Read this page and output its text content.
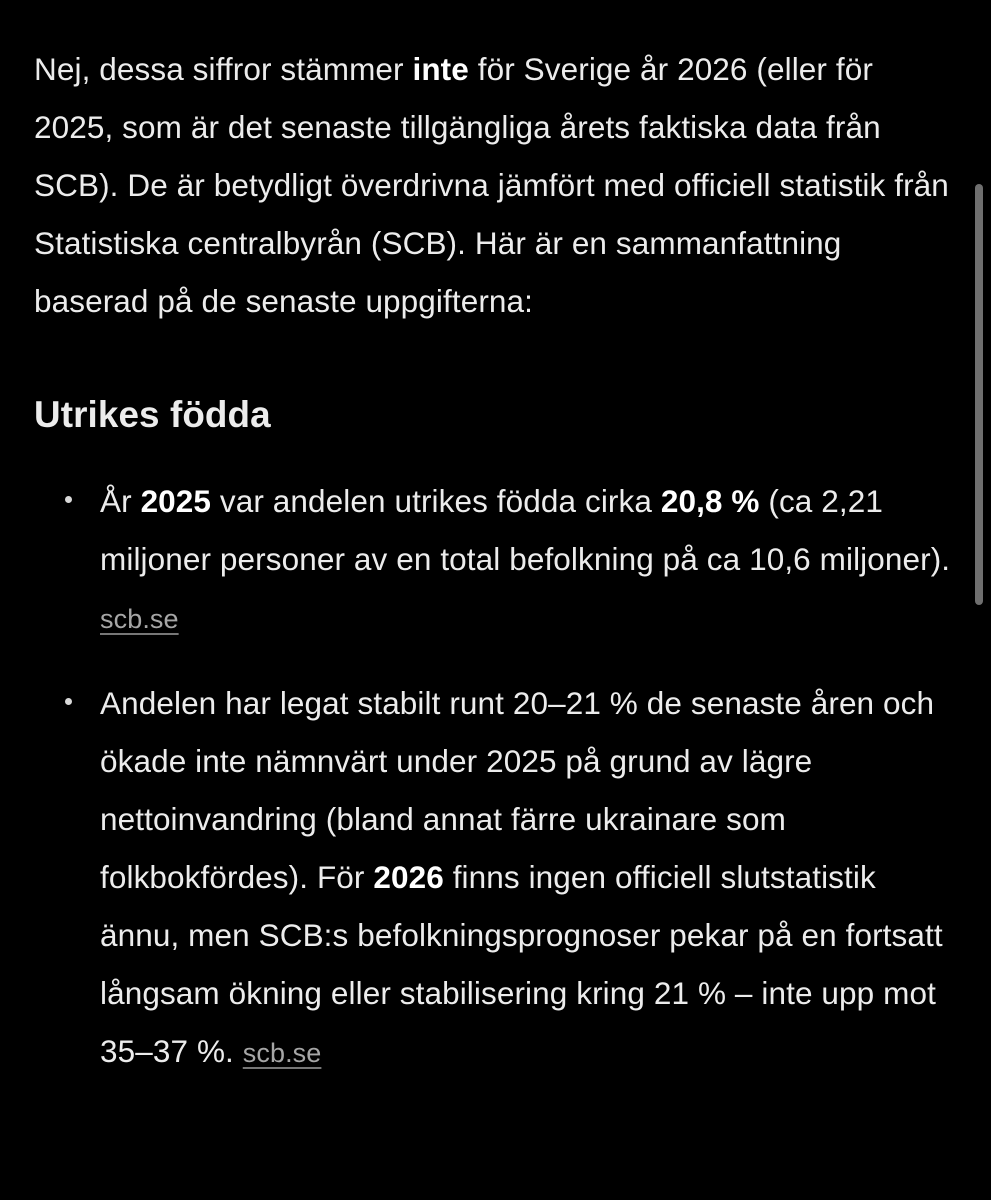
Nej, dessa siffror stämmer inte för Sverige år 2026 (eller för 2025, som är det senaste tillgängliga årets faktiska data från SCB). De är betydligt överdrivna jämfört med officiell statistik från Statistiska centralbyrån (SCB). Här är en sammanfattning baserad på de senaste uppgifterna:

Utrikes födda
År 2025 var andelen utrikes födda cirka 20,8 % (ca 2,21 miljoner personer av en total befolkning på ca 10,6 miljoner). scb.se
Andelen har legat stabilt runt 20–21 % de senaste åren och ökade inte nämnvärt under 2025 på grund av lägre nettoinvandring (bland annat färre ukrainare som folkbokfördes). För 2026 finns ingen officiell slutstatistik ännu, men SCB:s befolkningsprognoser pekar på en fortsatt långsam ökning eller stabilisering kring 21 % – inte upp mot 35–37 %. scb.se
